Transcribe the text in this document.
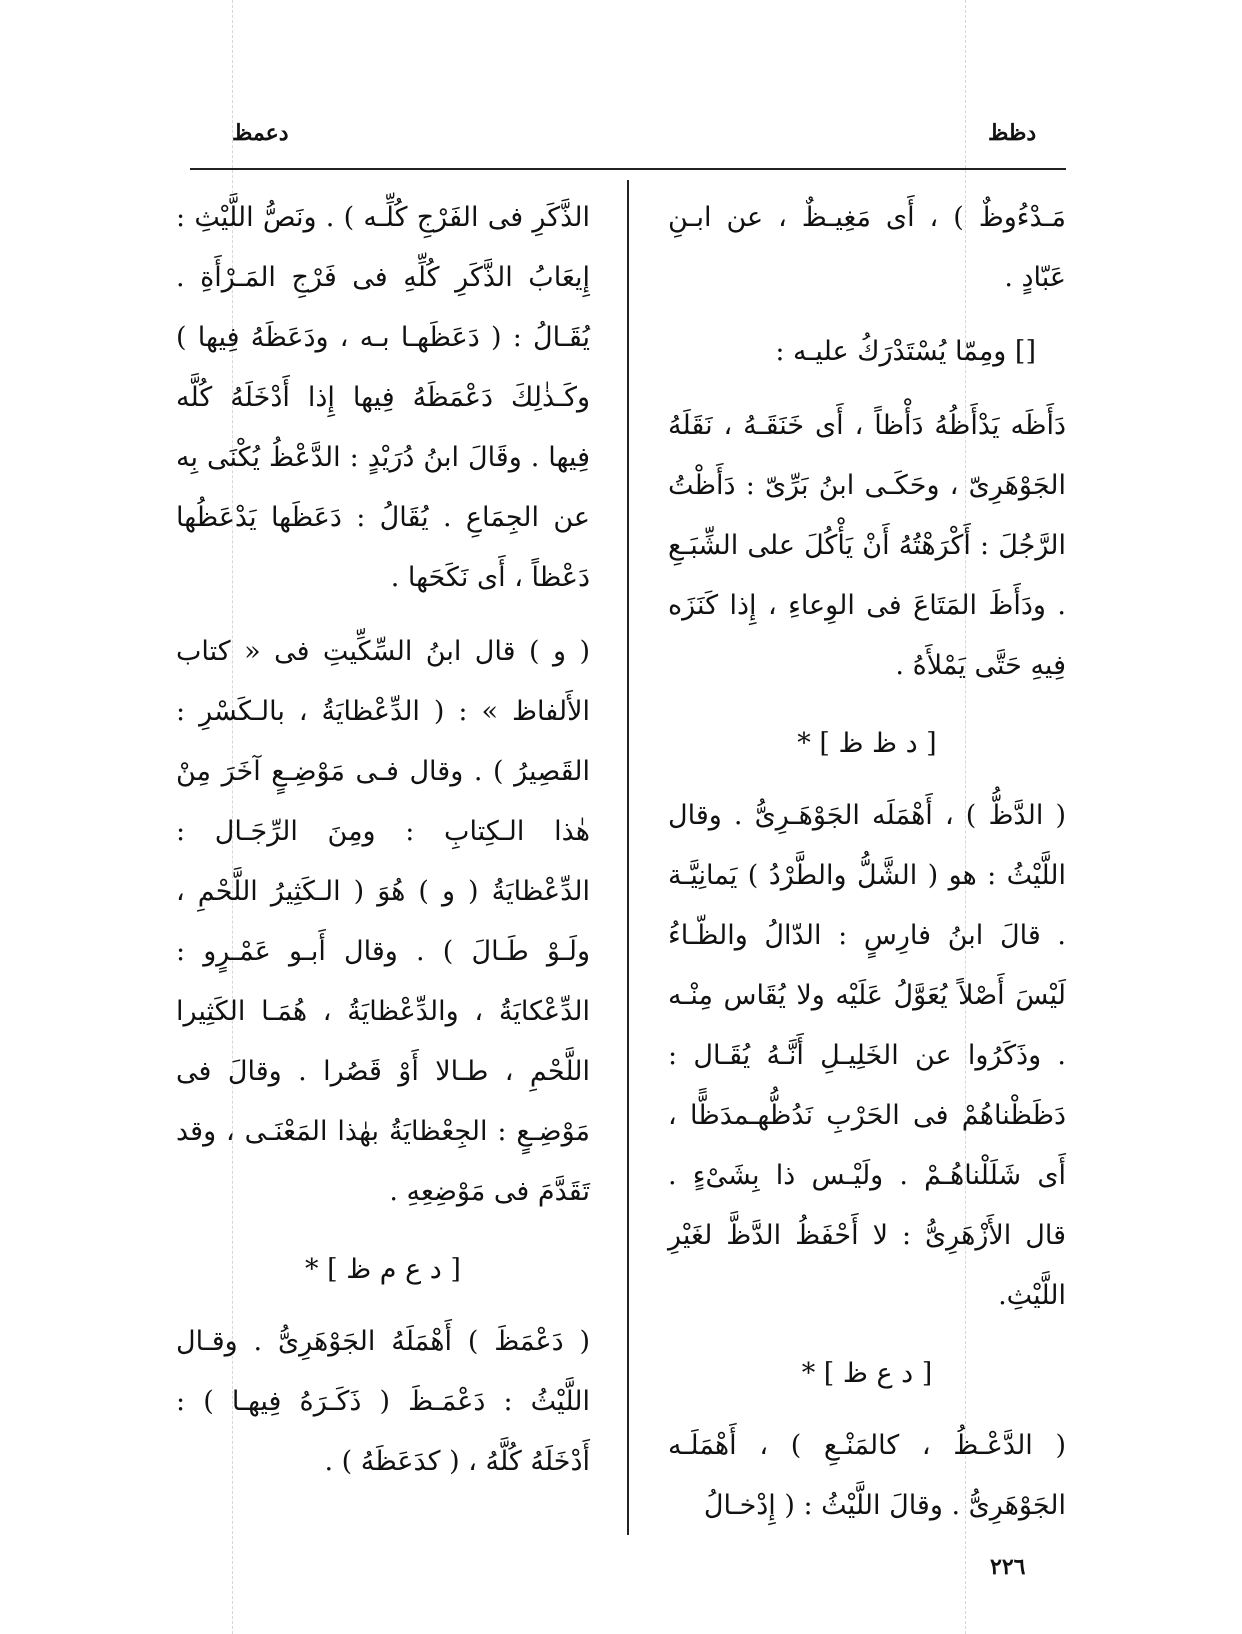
دظظ
دعمظ

مَـدْءُوظٌ ) ، أَى مَغِيـظٌ ، عن ابـنِ عَبّادٍ .

[] ومِمّا يُسْتَدْرَكُ عليـه :

دَأَظَه يَدْأَظُهُ دَأْظاً ، أَى خَنَقَـهُ ، نَقَلَهُ الجَوْهَرِىّ ، وحَكَـى ابنُ بَرِّىّ : دَأَظْتُ الرَّجُلَ : أَكْرَهْتُهُ أَنْ يَأْكُلَ على الشِّبَـعِ . ودَأَظَ المَتَاعَ فى الوِعاءِ ، إِذا كَنَزَه فِيهِ حَتَّى يَمْلأَهُ .

[ د ظ ظ ] *

( الدَّظُّ ) ، أَهْمَلَه الجَوْهَـرِىُّ . وقال اللَّيْثُ : هو ( الشَّلُّ والطَّرْدُ ) يَمانِيَّـة . قالَ ابنُ فارِسٍ : الدّالُ والظّـاءُ لَيْسَ أَصْلاً يُعَوَّلُ عَلَيْه ولا يُقَاس مِنْـه . وذَكَرُوا عن الخَلِيـلِ أَنَّـهُ يُقَـال : دَظَظْناهُمْ فى الحَرْبِ نَدُظُّهـمدَظًّا ، أَى شَلَلْناهُـمْ . ولَيْـس ذا بِشَىْءٍ . قال الأَزْهَرِىُّ : لا أَحْفَظُ الدَّظَّ لغَيْرِ اللَّيْثِ.

[ د ع ظ ] *

( الدَّعْـظُ ، كالمَنْـعِ ) ، أَهْمَلَـه الجَوْهَرِىُّ . وقالَ اللَّيْثُ : ( إِدْخـالُ

الذَّكَرِ فى الفَرْجِ كُلِّـه ) . ونَصُّ اللَّيْثِ : إِيعَابُ الذَّكَرِ كُلِّهِ فى فَرْجِ المَـرْأَةِ . يُقَـالُ : ( دَعَظَهـا بـه ، ودَعَظَهُ فِيها ) وكَـذٰلِكَ دَعْمَظَهُ فِيها إِذا أَدْخَلَهُ كُلَّه فِيها . وقَالَ ابنُ دُرَيْدٍ : الدَّعْظُ يُكْنَى بِه عن الجِمَاعِ . يُقَالُ : دَعَظَها يَدْعَظُها دَعْظاً ، أَى نَكَحَها .

( و ) قال ابنُ السِّكِّيتِ فى « كتاب الأَلفاظ » : ( الدِّعْظايَةُ ، بالـكَسْرِ : القَصِيرُ ) . وقال فـى مَوْضِـعٍ آخَرَ مِنْ هٰذا الـكِتابِ : ومِنَ الرِّجَـال : الدِّعْظايَةُ ( و ) هُوَ ( الـكَثِيرُ اللَّحْمِ ، ولَـوْ طَـالَ ) . وقال أَبـو عَمْـرٍو : الدِّعْكايَةُ ، والدِّعْظايَةُ ، هُمَـا الكَثِيرا اللَّحْمِ ، طـالا أَوْ قَصُرا . وقالَ فى مَوْضِـعٍ : الجِعْظايَةُ بهٰذا المَعْنَـى ، وقد تَقَدَّمَ فى مَوْضِعِهِ .

[ د ع م ظ ] *

( دَعْمَظَ ) أَهْمَلَهُ الجَوْهَرِىُّ . وقـال اللَّيْثُ : دَعْمَـظَ ( ذَكَـرَهُ فِيهـا ) : أَدْخَلَهُ كُلَّهُ ، ( كدَعَظَهُ ) .

٢٢٦
